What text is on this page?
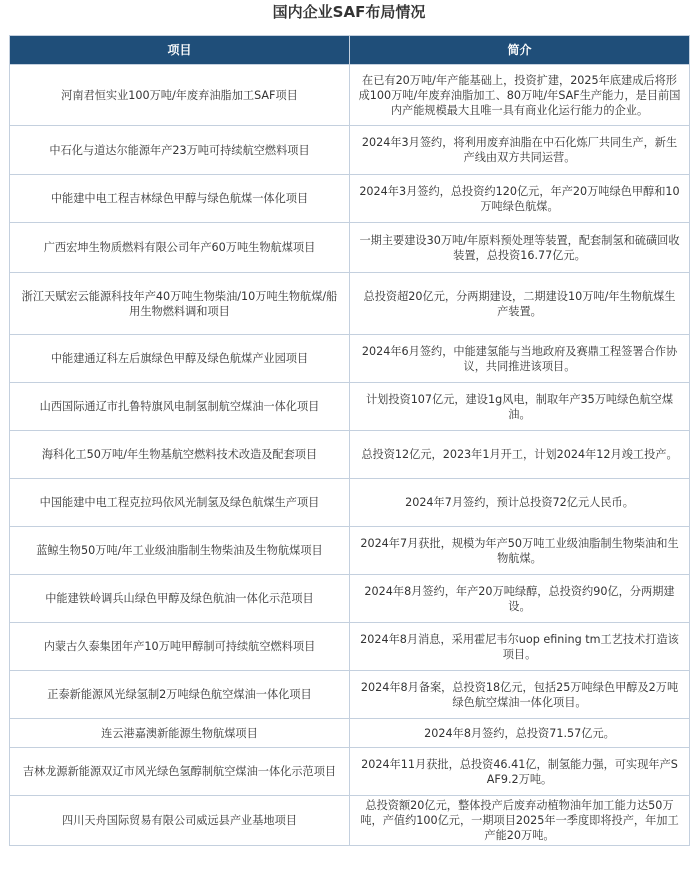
国内企业SAF布局情况
项目	简介
河南君恒实业100万吨/年废弃油脂加工SAF项目	在已有20万吨/年产能基础上，投资扩建，2025年底建成后将形成100万吨/年废弃油脂加工、80万吨/年SAF生产能力，是目前国内产能规模最大且唯一具有商业化运行能力的企业。
中石化与道达尔能源年产23万吨可持续航空燃料项目	2024年3月签约，将利用废弃油脂在中石化炼厂共同生产，新生产线由双方共同运营。
中能建中电工程吉林绿色甲醇与绿色航煤一体化项目	2024年3月签约，总投资约120亿元，年产20万吨绿色甲醇和10万吨绿色航煤。
广西宏坤生物质燃料有限公司年产60万吨生物航煤项目	一期主要建设30万吨/年原料预处理等装置，配套制氢和硫磺回收装置，总投资16.77亿元。
浙江天赋宏云能源科技年产40万吨生物柴油/10万吨生物航煤/船用生物燃料调和项目	总投资超20亿元，分两期建设，二期建设10万吨/年生物航煤生产装置。
中能建通辽科左后旗绿色甲醇及绿色航煤产业园项目	2024年6月签约，中能建氢能与当地政府及赛鼎工程签署合作协议，共同推进该项目。
山西国际通辽市扎鲁特旗风电制氢制航空煤油一体化项目	计划投资107亿元，建设1g风电，制取年产35万吨绿色航空煤油。
海科化工50万吨/年生物基航空燃料技术改造及配套项目	总投资12亿元，2023年1月开工，计划2024年12月竣工投产。
中国能建中电工程克拉玛依风光制氢及绿色航煤生产项目	2024年7月签约，预计总投资72亿元人民币。
蓝鲸生物50万吨/年工业级油脂制生物柴油及生物航煤项目	2024年7月获批，规模为年产50万吨工业级油脂制生物柴油和生物航煤。
中能建铁岭调兵山绿色甲醇及绿色航油一体化示范项目	2024年8月签约，年产20万吨绿醇，总投资约90亿，分两期建设。
内蒙古久泰集团年产10万吨甲醇制可持续航空燃料项目	2024年8月消息，采用霍尼韦尔uop efining tm工艺技术打造该项目。
正泰新能源风光绿氢制2万吨绿色航空煤油一体化项目	2024年8月备案，总投资18亿元，包括25万吨绿色甲醇及2万吨绿色航空煤油一体化项目。
连云港嘉澳新能源生物航煤项目	2024年8月签约，总投资71.57亿元。
吉林龙源新能源双辽市风光绿色氢醇制航空煤油一体化示范项目	2024年11月获批，总投资46.41亿，制氢能力强，可实现年产SAF9.2万吨。
四川天舟国际贸易有限公司威远县产业基地项目	总投资额20亿元，整体投产后废弃动植物油年加工能力达50万吨，产值约100亿元，一期项目2025年一季度即将投产，年加工产能20万吨。
